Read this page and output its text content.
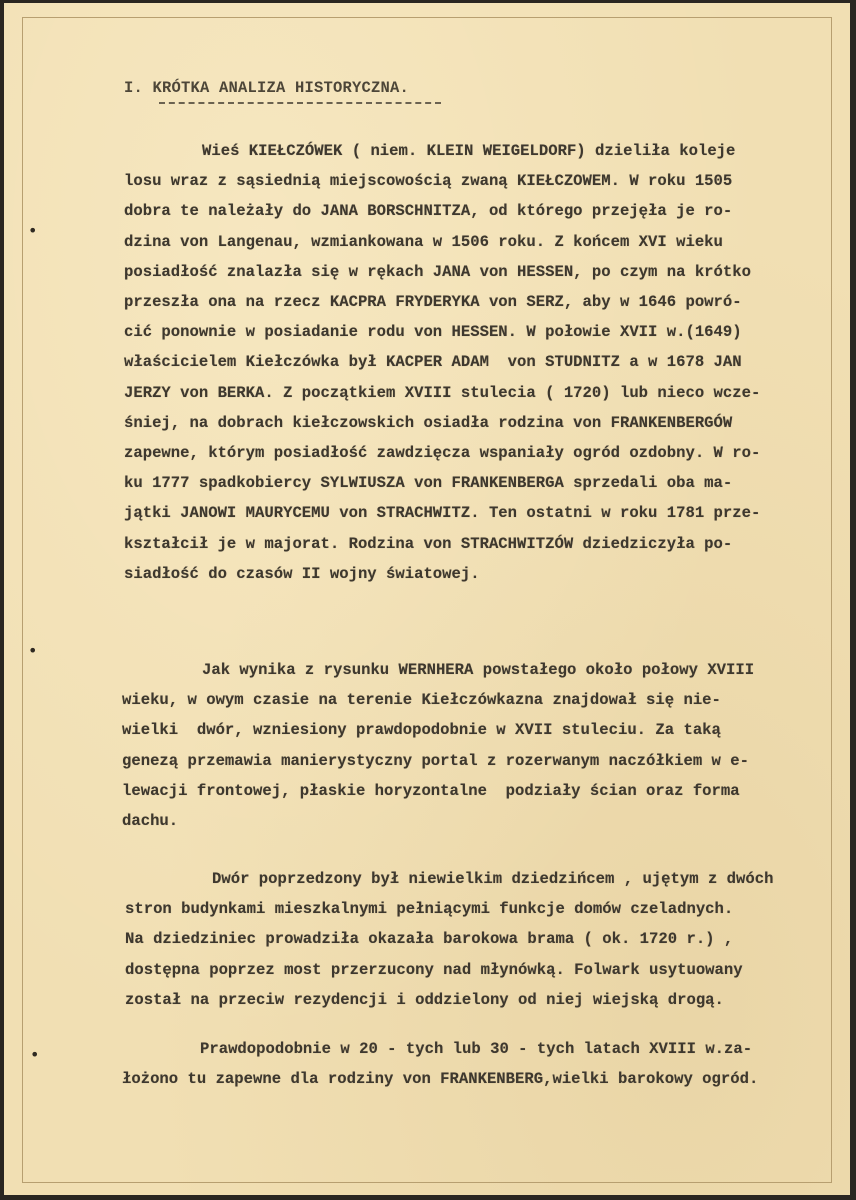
•
•
•
I. KRÓTKA ANALIZA HISTORYCZNA.
Wieś KIEŁCZÓWEK ( niem. KLEIN WEIGELDORF) dzieliła koleje
losu wraz z sąsiednią miejscowością zwaną KIEŁCZOWEM. W roku 1505
dobra te należały do JANA BORSCHNITZA, od którego przejęła je ro-
dzina von Langenau, wzmiankowana w 1506 roku. Z końcem XVI wieku
posiadłość znalazła się w rękach JANA von HESSEN, po czym na krótko
przeszła ona na rzecz KACPRA FRYDERYKA von SERZ, aby w 1646 powró-
cić ponownie w posiadanie rodu von HESSEN. W połowie XVII w.(1649)
właścicielem Kiełczówka był KACPER ADAM  von STUDNITZ a w 1678 JAN
JERZY von BERKA. Z początkiem XVIII stulecia ( 1720) lub nieco wcze-
śniej, na dobrach kiełczowskich osiadła rodzina von FRANKENBERGÓW
zapewne, którym posiadłość zawdzięcza wspaniały ogród ozdobny. W ro-
ku 1777 spadkobiercy SYLWIUSZA von FRANKENBERGA sprzedali oba ma-
jątki JANOWI MAURYCEMU von STRACHWITZ. Ten ostatni w roku 1781 prze-
kształcił je w majorat. Rodzina von STRACHWITZÓW dziedziczyła po-
siadłość do czasów II wojny światowej.
Jak wynika z rysunku WERNHERA powstałego około połowy XVIII
wieku, w owym czasie na terenie Kiełczówkazna znajdował się nie-
wielki  dwór, wzniesiony prawdopodobnie w XVII stuleciu. Za taką
genezą przemawia manierystyczny portal z rozerwanym naczółkiem w e-
lewacji frontowej, płaskie horyzontalne  podziały ścian oraz forma
dachu.
Dwór poprzedzony był niewielkim dziedzińcem , ujętym z dwóch
stron budynkami mieszkalnymi pełniącymi funkcje domów czeladnych.
Na dziedziniec prowadziła okazała barokowa brama ( ok. 1720 r.) ,
dostępna poprzez most przerzucony nad młynówką. Folwark usytuowany
został na przeciw rezydencji i oddzielony od niej wiejską drogą.
Prawdopodobnie w 20 - tych lub 30 - tych latach XVIII w.za-
łożono tu zapewne dla rodziny von FRANKENBERG,wielki barokowy ogród.
